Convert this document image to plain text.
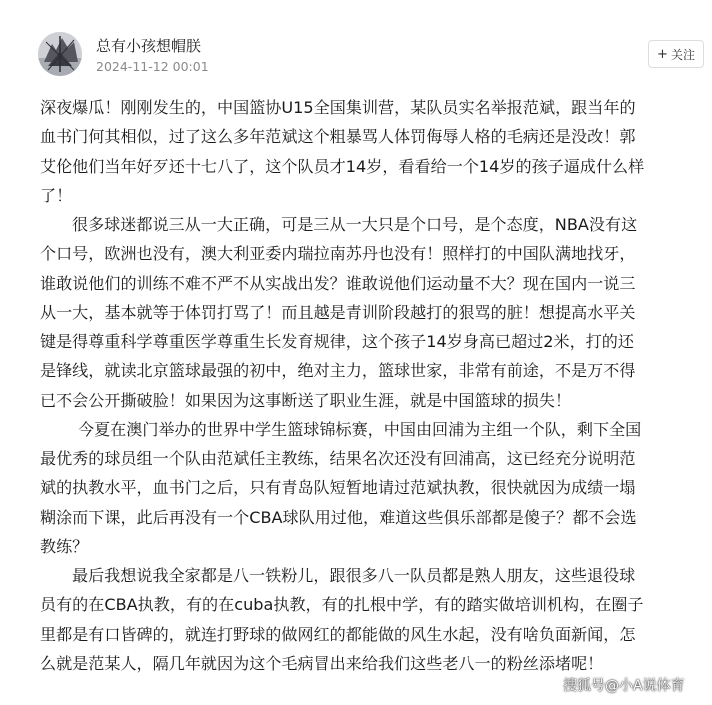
总有小孩想帽朕
2024-11-12 00:01
+ 关注
深夜爆瓜！刚刚发生的，中国篮协U15全国集训营，某队员实名举报范斌，跟当年的
血书门何其相似，过了这么多年范斌这个粗暴骂人体罚侮辱人格的毛病还是没改！郭
艾伦他们当年好歹还十七八了，这个队员才14岁，看看给一个14岁的孩子逼成什么样
了！
很多球迷都说三从一大正确，可是三从一大只是个口号，是个态度，NBA没有这
个口号，欧洲也没有，澳大利亚委内瑞拉南苏丹也没有！照样打的中国队满地找牙，
谁敢说他们的训练不难不严不从实战出发？谁敢说他们运动量不大？现在国内一说三
从一大，基本就等于体罚打骂了！而且越是青训阶段越打的狠骂的脏！想提高水平关
键是得尊重科学尊重医学尊重生长发育规律，这个孩子14岁身高已超过2米，打的还
是锋线，就读北京篮球最强的初中，绝对主力，篮球世家，非常有前途，不是万不得
已不会公开撕破脸！如果因为这事断送了职业生涯，就是中国篮球的损失！
今夏在澳门举办的世界中学生篮球锦标赛，中国由回浦为主组一个队，剩下全国
最优秀的球员组一个队由范斌任主教练，结果名次还没有回浦高，这已经充分说明范
斌的执教水平，血书门之后，只有青岛队短暂地请过范斌执教，很快就因为成绩一塌
糊涂而下课，此后再没有一个CBA球队用过他，难道这些俱乐部都是傻子？都不会选
教练？
最后我想说我全家都是八一铁粉儿，跟很多八一队员都是熟人朋友，这些退役球
员有的在CBA执教，有的在cuba执教，有的扎根中学，有的踏实做培训机构，在圈子
里都是有口皆碑的，就连打野球的做网红的都能做的风生水起，没有啥负面新闻，怎
么就是范某人，隔几年就因为这个毛病冒出来给我们这些老八一的粉丝添堵呢！
搜狐号@小A说体育
